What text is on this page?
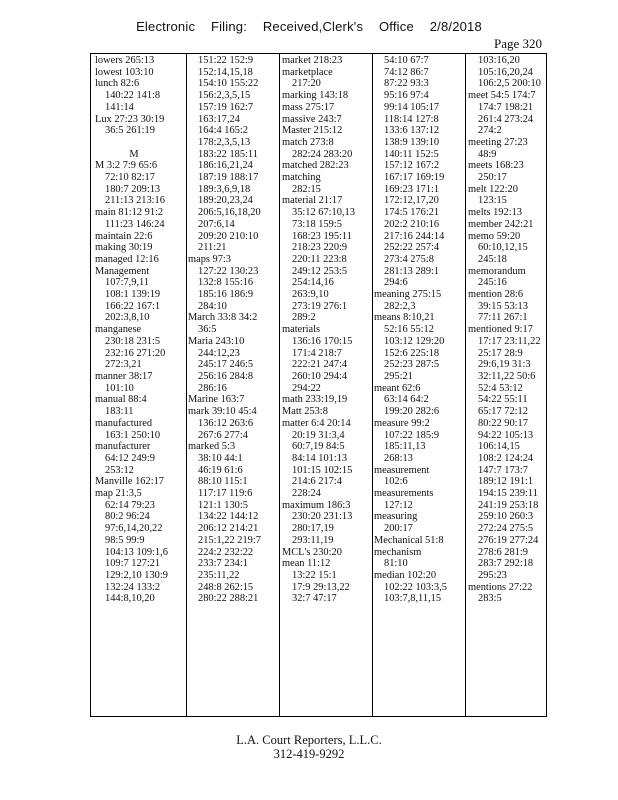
Electronic Filing: Received,Clerk's Office 2/8/2018
Page 320
lowers 265:13
lowest 103:10
lunch 82:6
140:22 141:8
141:14
Lux 27:23 30:19
36:5 261:19

M
M 3:2 7:9 65:6
72:10 82:17
180:7 209:13
211:13 213:16
main 81:12 91:2
111:23 146:24
maintain 22:6
making 30:19
managed 12:16
Management
107:7,9,11
108:1 139:19
166:22 167:1
202:3,8,10
manganese
230:18 231:5
232:16 271:20
272:3,21
manner 38:17
101:10
manual 88:4
183:11
manufactured
163:1 250:10
manufacturer
64:12 249:9
253:12
Manville 162:17
map 21:3,5
62:14 79:23
80:2 96:24
97:6,14,20,22
98:5 99:9
104:13 109:1,6
109:7 127:21
129:2,10 130:9
132:24 133:2
144:8,10,20
151:22 152:9
152:14,15,18
154:10 155:22
156:2,3,5,15
157:19 162:7
163:17,24
164:4 165:2
178:2,3,5,13
183:22 185:11
186:16,21,24
187:19 188:17
189:3,6,9,18
189:20,23,24
206:5,16,18,20
207:6,14
209:20 210:10
211:21
maps 97:3
127:22 130:23
132:8 155:16
185:16 186:9
284:10
March 33:8 34:2
36:5
Maria 243:10
244:12,23
245:17 246:5
256:16 284:8
286:16
Marine 163:7
mark 39:10 45:4
136:12 263:6
267:6 277:4
marked 5:3
38:10 44:1
46:19 61:6
88:10 115:1
117:17 119:6
121:1 130:5
134:22 144:12
206:12 214:21
215:1,22 219:7
224:2 232:22
233:7 234:1
235:11,22
248:8 262:15
280:22 288:21
market 218:23
marketplace
217:20
marking 143:18
mass 275:17
massive 243:7
Master 215:12
match 273:8
282:24 283:20
matched 282:23
matching
282:15
material 21:17
35:12 67:10,13
73:18 159:5
168:23 195:11
218:23 220:9
220:11 223:8
249:12 253:5
254:14,16
263:9,10
273:19 276:1
289:2
materials
136:16 170:15
171:4 218:7
222:21 247:4
260:10 294:4
294:22
math 233:19,19
Matt 253:8
matter 6:4 20:14
20:19 31:3,4
60:7,19 84:5
84:14 101:13
101:15 102:15
214:6 217:4
228:24
maximum 186:3
230:20 231:13
280:17,19
293:11,19
MCL's 230:20
mean 11:12
13:22 15:1
17:9 29:13,22
32:7 47:17
54:10 67:7
74:12 86:7
87:22 93:3
95:16 97:4
99:14 105:17
118:14 127:8
133:6 137:12
138:9 139:10
140:11 152:5
157:12 167:2
167:17 169:19
169:23 171:1
172:12,17,20
174:5 176:21
202:2 210:16
217:16 244:14
252:22 257:4
273:4 275:8
281:13 289:1
294:6
meaning 275:15
282:2,3
means 8:10,21
52:16 55:12
103:12 129:20
152:6 225:18
252:23 287:5
295:21
meant 62:6
63:14 64:2
199:20 282:6
measure 99:2
107:22 185:9
185:11,13
268:13
measurement
102:6
measurements
127:12
measuring
200:17
Mechanical 51:8
mechanism
81:10
median 102:20
102:22 103:3,5
103:7,8,11,15
103:16,20
105:16,20,24
106:2,5 200:10
meet 54:5 174:7
174:7 198:21
261:4 273:24
274:2
meeting 27:23
48:9
meets 168:23
250:17
melt 122:20
123:15
melts 192:13
member 242:21
memo 59:20
60:10,12,15
245:18
memorandum
245:16
mention 28:6
39:15 53:13
77:11 267:1
mentioned 9:17
17:17 23:11,22
25:17 28:9
29:6,19 31:3
32:11,22 50:6
52:4 53:12
54:22 55:11
65:17 72:12
80:22 90:17
94:22 105:13
106:14,15
108:2 124:24
147:7 173:7
189:12 191:1
194:15 239:11
241:19 253:18
259:10 260:3
272:24 275:5
276:19 277:24
278:6 281:9
283:7 292:18
295:23
mentions 27:22
283:5
L.A. Court Reporters, L.L.C.
312-419-9292
